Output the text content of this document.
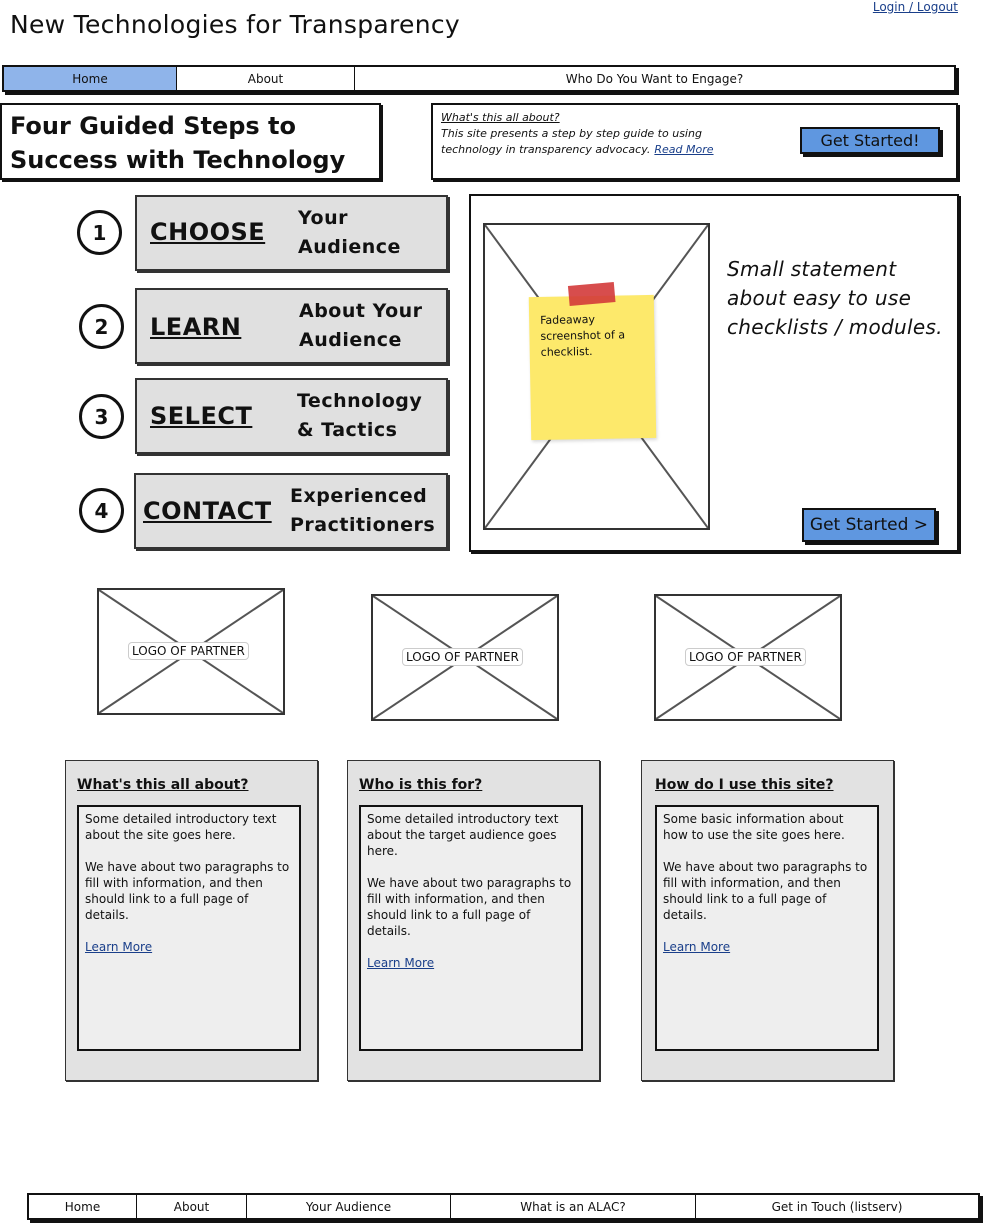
New Technologies for Transparency
Login / Logout
Home	About	Who Do You Want to Engage?
Four Guided Steps to
Success with Technology
What's this all about?
This site presents a step by step guide to using technology in transparency advocacy. Read More	Get Started!
1	CHOOSE Your
Audience
2	LEARN
About Your
Audience
3	SELECT
Technology
& Tactics
4	CONTACT
Experienced
Practitioners
Fadeaway screenshot of a checklist.
Small statement about easy to use checklists / modules.
Get Started >
LOGO OF PARTNER	LOGO OF PARTNER	LOGO OF PARTNER
What's this all about?

Some detailed introductory text about the site goes here.

We have about two paragraphs to fill with information, and then should link to a full page of details.

Learn More
Who is this for?

Some detailed introductory text about the target audience goes here.

We have about two paragraphs to fill with information, and then should link to a full page of details.

Learn More
How do I use this site?

Some basic information about how to use the site goes here.

We have about two paragraphs to fill with information, and then should link to a full page of details.

Learn More
Home	About	Your Audience	What is an ALAC?	Get in Touch (listserv)
